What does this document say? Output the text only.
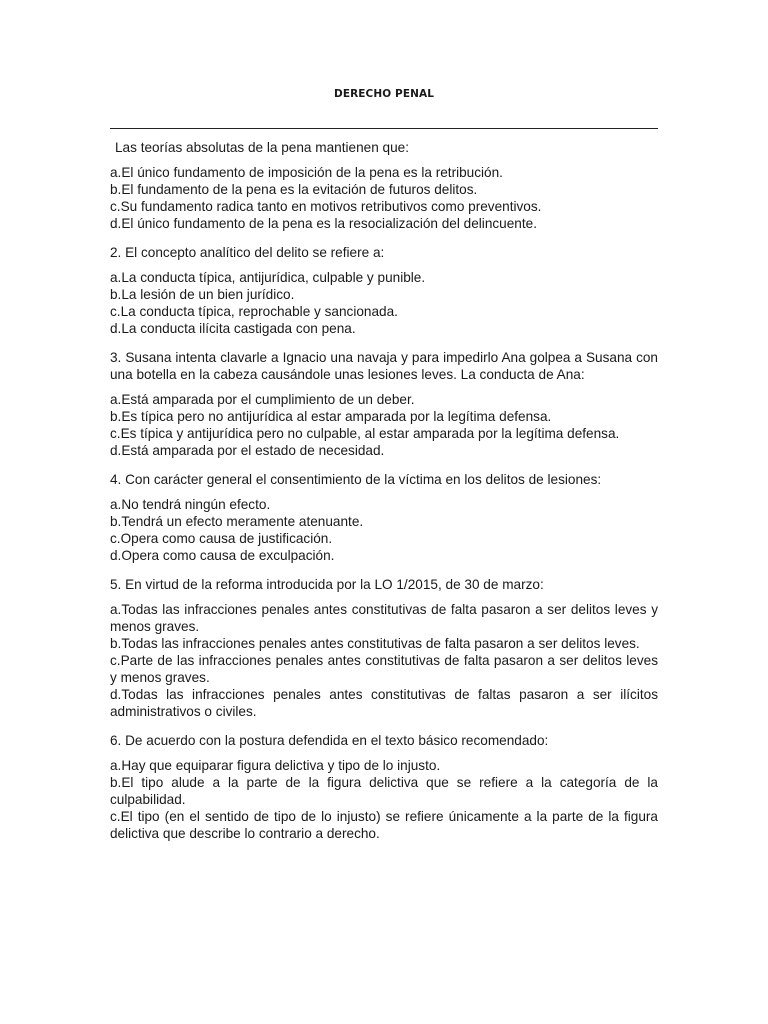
DERECHO PENAL
Las teorías absolutas de la pena mantienen que:
a.El único fundamento de imposición de la pena es la retribución.
b.El fundamento de la pena es la evitación de futuros delitos.
c.Su fundamento radica tanto en motivos retributivos como preventivos.
d.El único fundamento de la pena es la resocialización del delincuente.
2. El concepto analítico del delito se refiere a:
a.La conducta típica, antijurídica, culpable y punible.
b.La lesión de un bien jurídico.
c.La conducta típica, reprochable y sancionada.
d.La conducta ilícita castigada con pena.
3. Susana intenta clavarle a Ignacio una navaja y para impedirlo Ana golpea a Susana con una botella en la cabeza causándole unas lesiones leves. La conducta de Ana:
a.Está amparada por el cumplimiento de un deber.
b.Es típica pero no antijurídica al estar amparada por la legítima defensa.
c.Es típica y antijurídica pero no culpable, al estar amparada por la legítima defensa.
d.Está amparada por el estado de necesidad.
4. Con carácter general el consentimiento de la víctima en los delitos de lesiones:
a.No tendrá ningún efecto.
b.Tendrá un efecto meramente atenuante.
c.Opera como causa de justificación.
d.Opera como causa de exculpación.
5. En virtud de la reforma introducida por la LO 1/2015, de 30 de marzo:
a.Todas las infracciones penales antes constitutivas de falta pasaron a ser delitos leves y menos graves.
b.Todas las infracciones penales antes constitutivas de falta pasaron a ser delitos leves.
c.Parte de las infracciones penales antes constitutivas de falta pasaron a ser delitos leves y menos graves.
d.Todas las infracciones penales antes constitutivas de faltas pasaron a ser ilícitos administrativos o civiles.
6. De acuerdo con la postura defendida en el texto básico recomendado:
a.Hay que equiparar figura delictiva y tipo de lo injusto.
b.El tipo alude a la parte de la figura delictiva que se refiere a la categoría de la culpabilidad.
c.El tipo (en el sentido de tipo de lo injusto) se refiere únicamente a la parte de la figura delictiva que describe lo contrario a derecho.
